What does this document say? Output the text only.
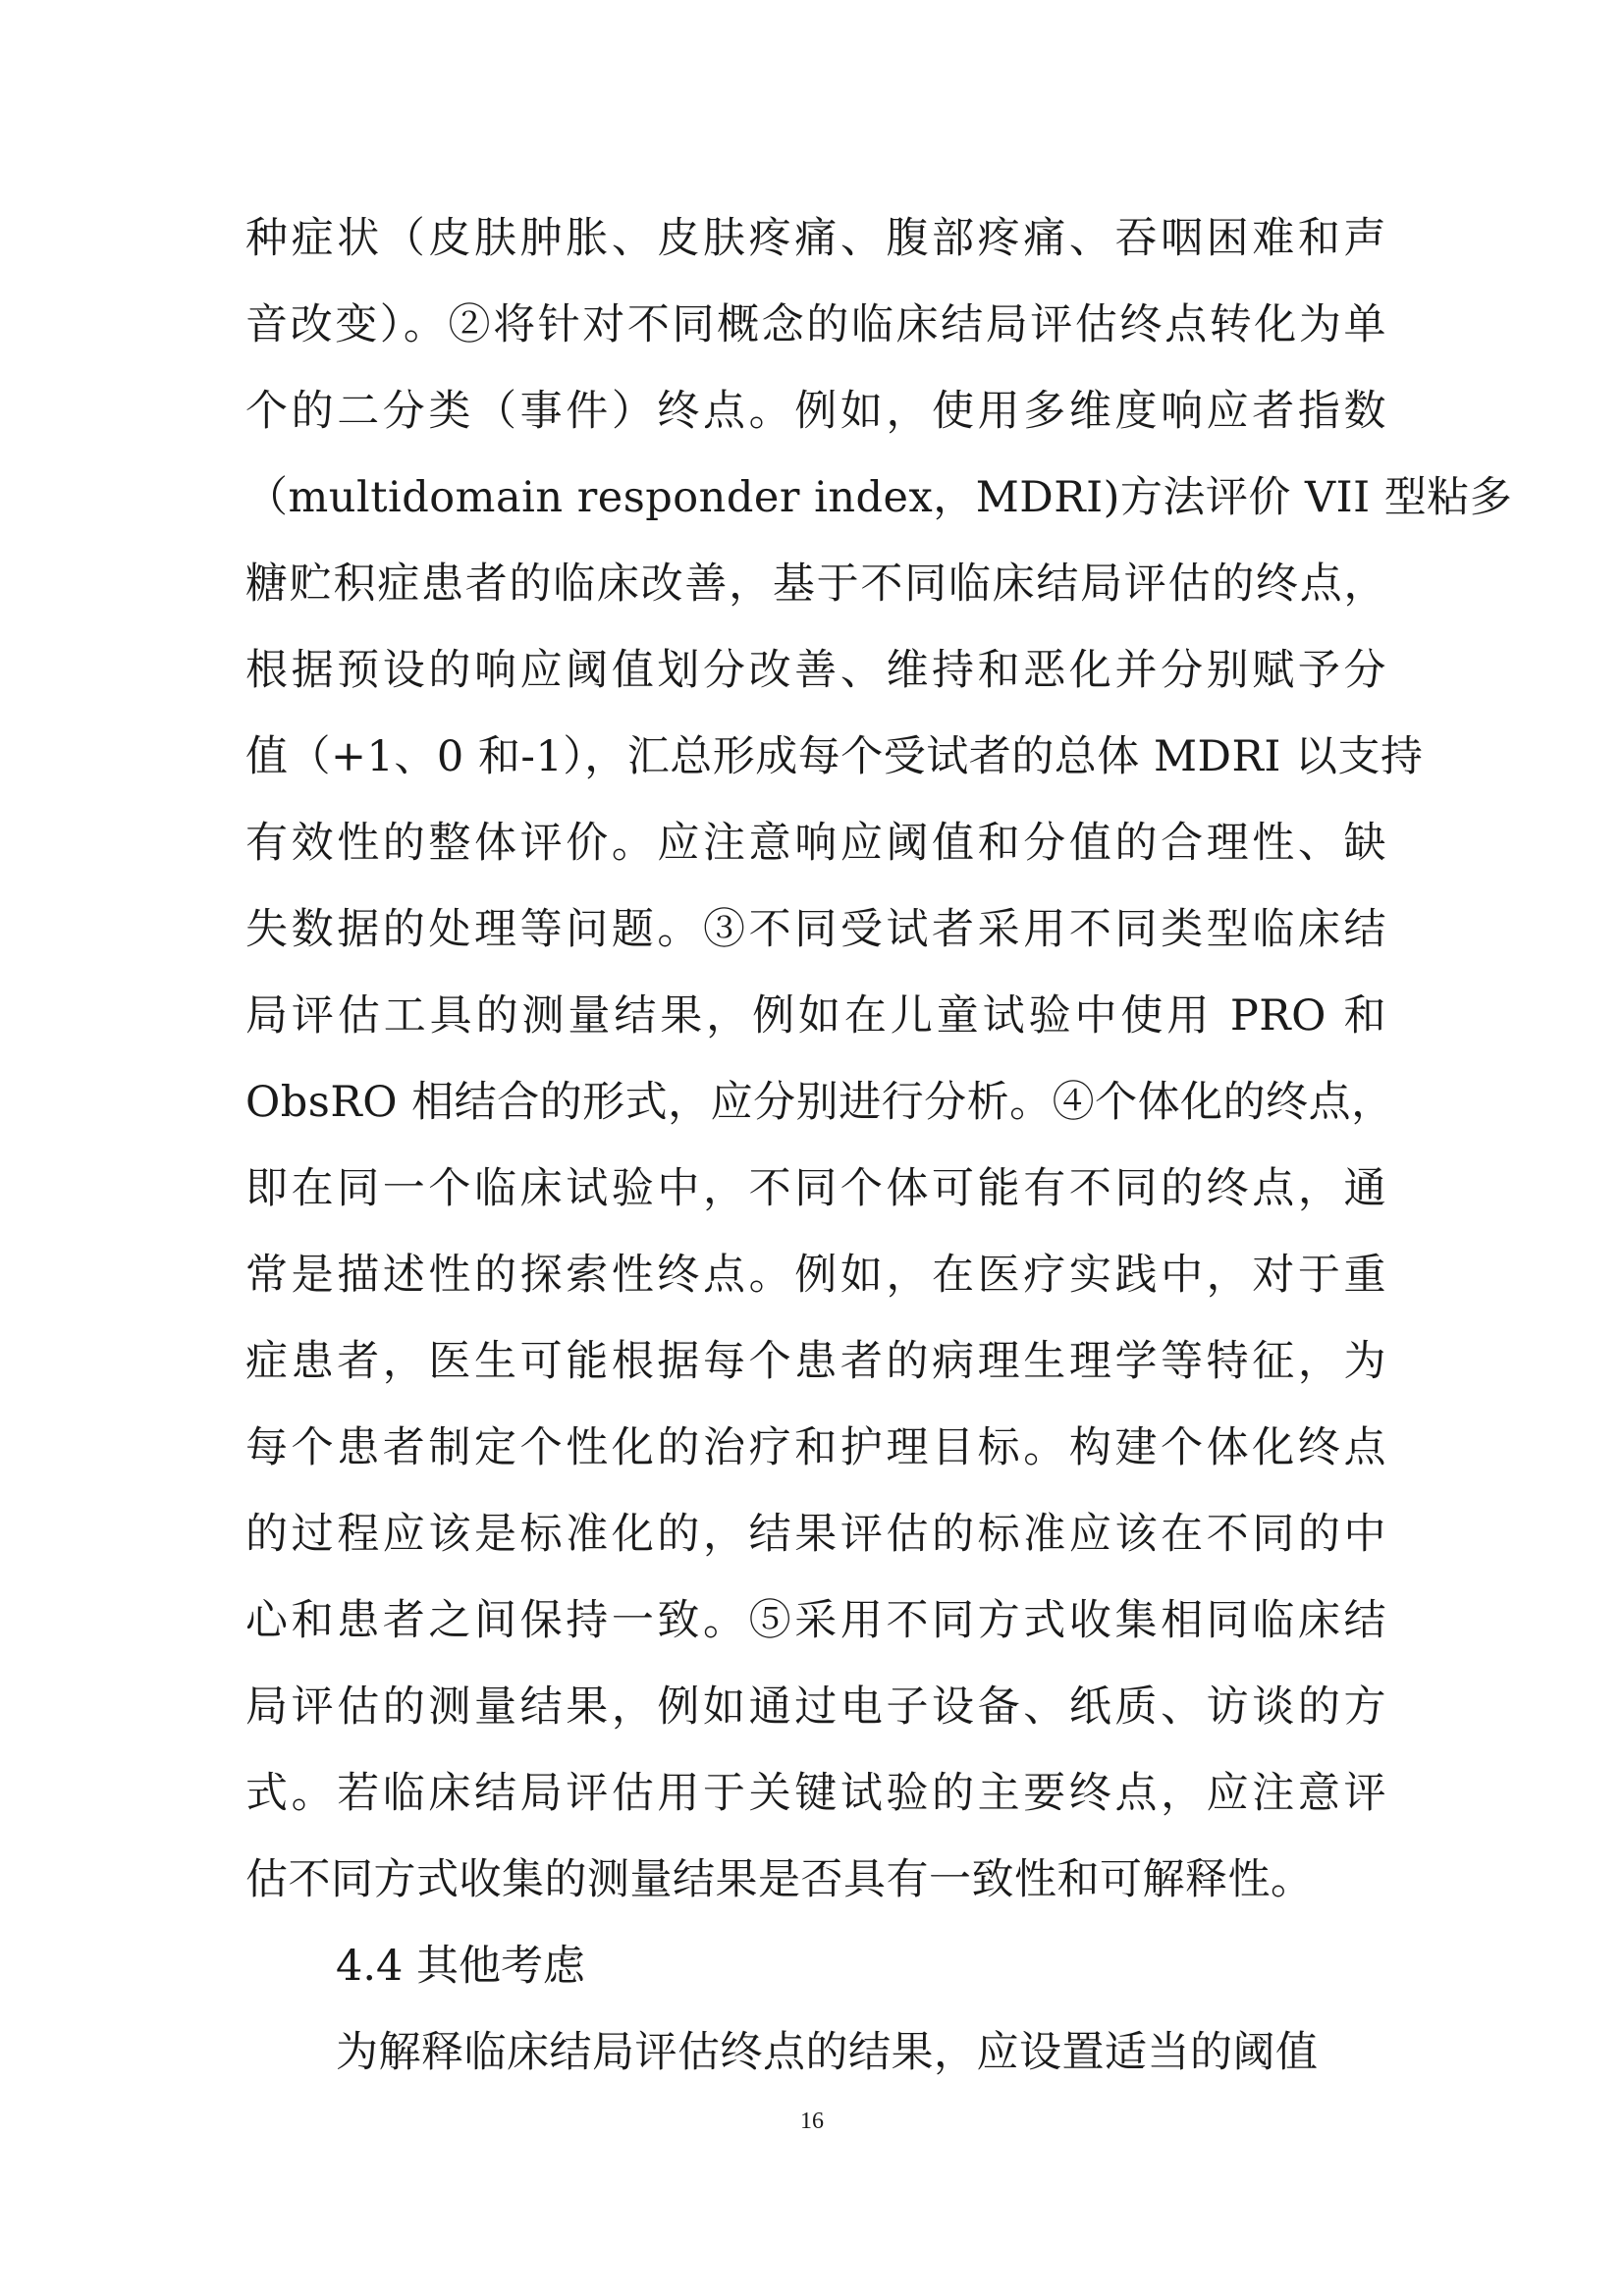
种症状（皮肤肿胀、皮肤疼痛、腹部疼痛、吞咽困难和声
音改变）。②将针对不同概念的临床结局评估终点转化为单
个的二分类（事件）终点。例如，使用多维度响应者指数
（multidomain responder index，MDRI)方法评价 VII 型粘多
糖贮积症患者的临床改善，基于不同临床结局评估的终点，
根据预设的响应阈值划分改善、维持和恶化并分别赋予分
值（+1、0 和-1），汇总形成每个受试者的总体 MDRI 以支持
有效性的整体评价。应注意响应阈值和分值的合理性、缺
失数据的处理等问题。③不同受试者采用不同类型临床结
局评估工具的测量结果，例如在儿童试验中使用 PRO 和
ObsRO 相结合的形式，应分别进行分析。④个体化的终点，
即在同一个临床试验中，不同个体可能有不同的终点，通
常是描述性的探索性终点。例如，在医疗实践中，对于重
症患者，医生可能根据每个患者的病理生理学等特征，为
每个患者制定个性化的治疗和护理目标。构建个体化终点
的过程应该是标准化的，结果评估的标准应该在不同的中
心和患者之间保持一致。⑤采用不同方式收集相同临床结
局评估的测量结果，例如通过电子设备、纸质、访谈的方
式。若临床结局评估用于关键试验的主要终点，应注意评
估不同方式收集的测量结果是否具有一致性和可解释性。
4.4 其他考虑
为解释临床结局评估终点的结果，应设置适当的阈值
16
